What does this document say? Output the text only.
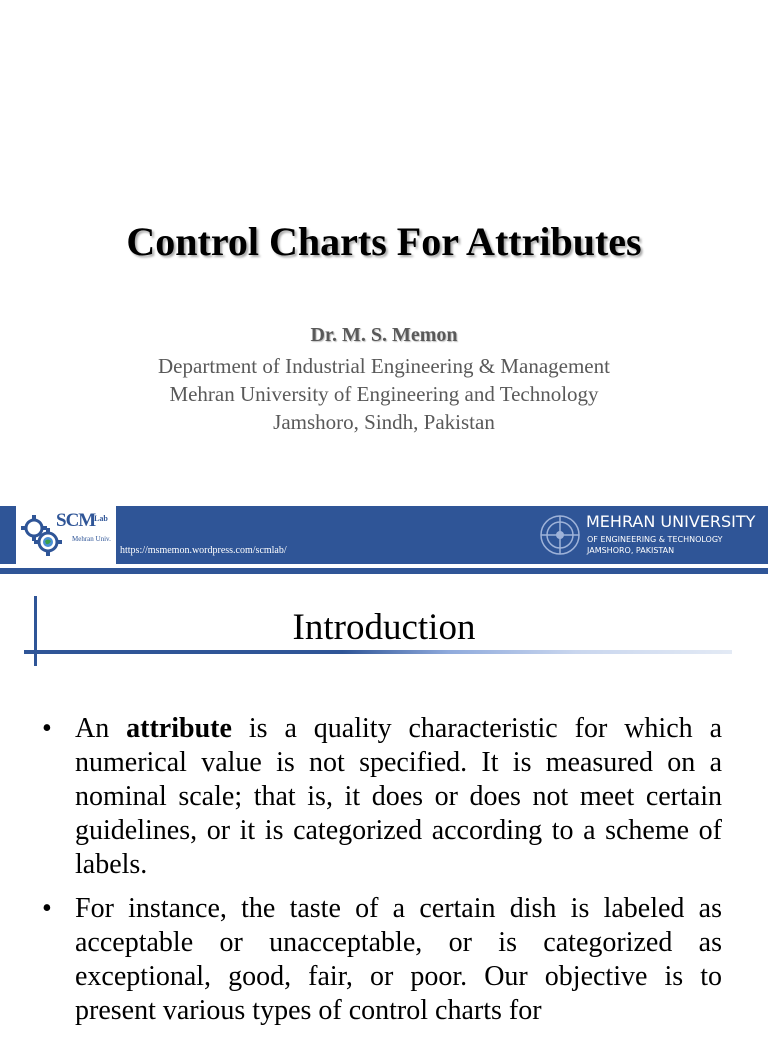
Control Charts For Attributes
Dr. M. S. Memon
Department of Industrial Engineering & Management
Mehran University of Engineering and Technology
Jamshoro, Sindh, Pakistan
SCM
Lab
Mehran Univ.
https://msmemon.wordpress.com/scmlab/
MEHRAN UNIVERSITY
OF ENGINEERING & TECHNOLOGY
JAMSHORO, PAKISTAN
Introduction
• An attribute is a quality characteristic for which a numerical value is not specified. It is measured on a nominal scale; that is, it does or does not meet certain guidelines, or it is categorized according to a scheme of labels.
• For instance, the taste of a certain dish is labeled as acceptable or unacceptable, or is categorized as exceptional, good, fair, or poor. Our objective is to present various types of control charts for
